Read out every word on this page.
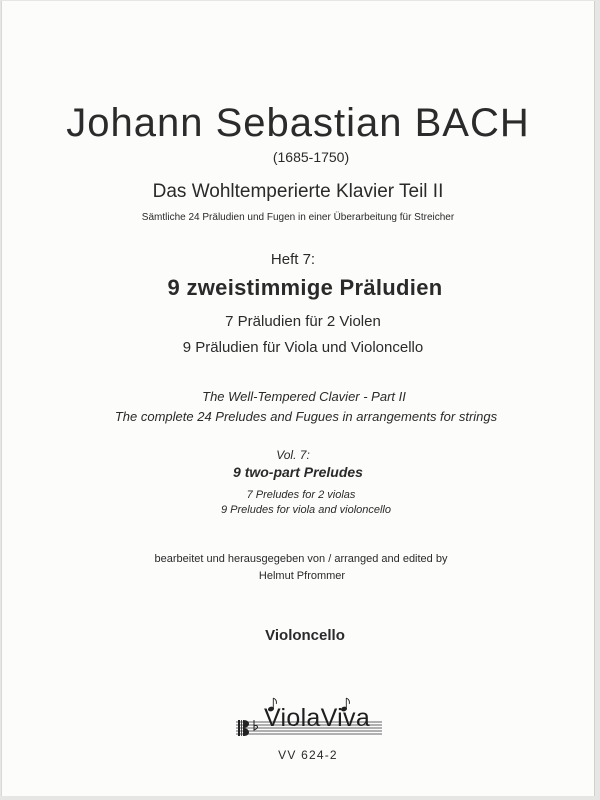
Johann Sebastian BACH
(1685-1750)
Das Wohltemperierte Klavier Teil II
Sämtliche 24 Präludien und Fugen in einer Überarbeitung für Streicher
Heft 7:
9 zweistimmige Präludien
7 Präludien für 2 Violen
9 Präludien für Viola und Violoncello
The Well-Tempered Clavier - Part II
The complete 24 Preludes and Fugues in arrangements for strings
Vol. 7:
9 two-part Preludes
7 Preludes for 2 violas
9 Preludes for viola and violoncello
bearbeitet und herausgegeben von / arranged and edited by
Helmut Pfrommer
Violoncello
ViolaViva
VV 624-2
